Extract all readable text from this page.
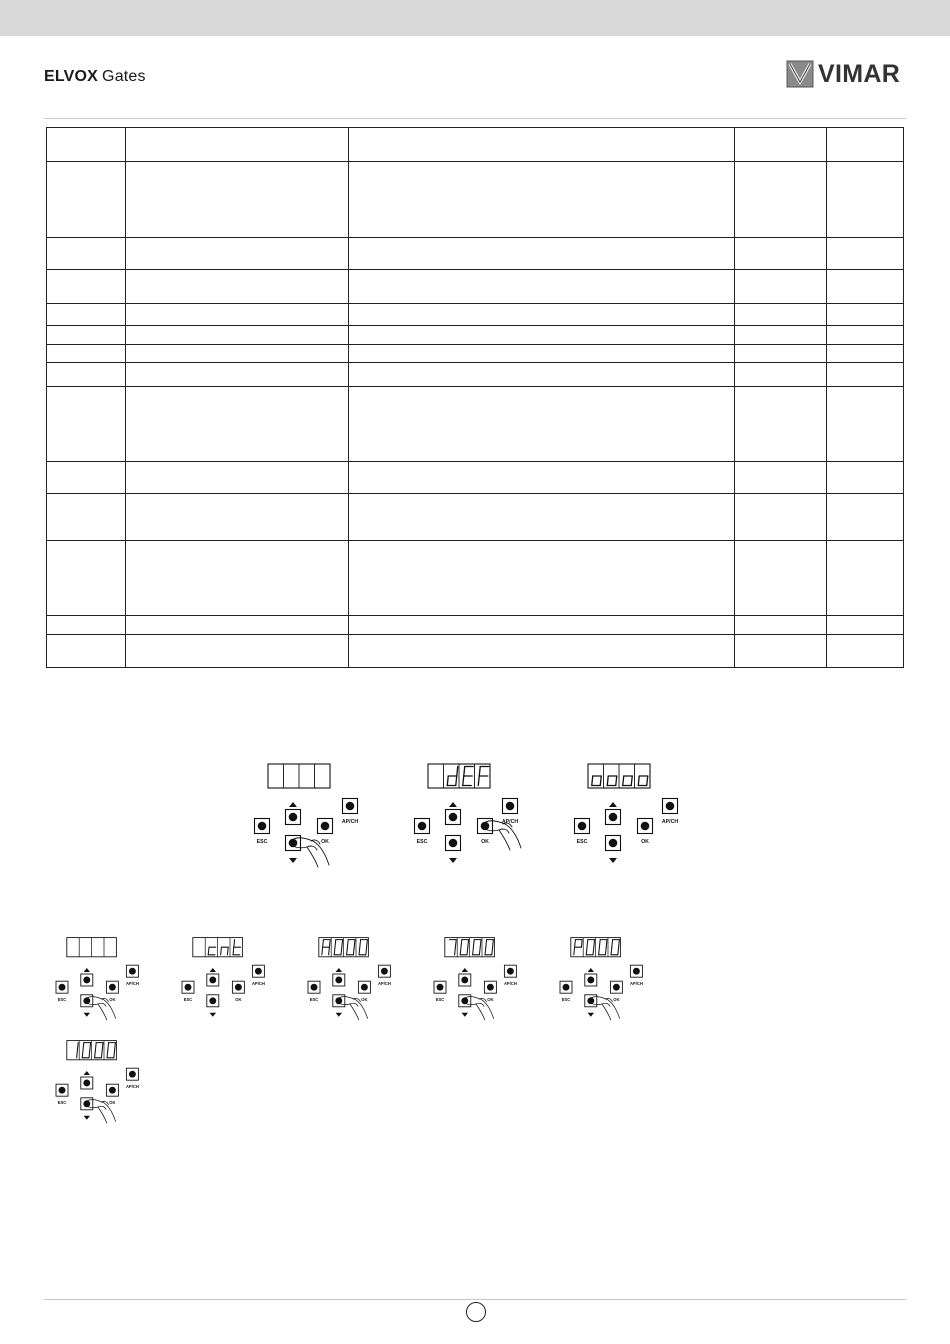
ELVOX Gates	VIMAR

ESC	OK
AP/CH
ESC	OK
AP/CH
ESC	OK
AP/CH
ESC	OK
AP/CH
ESC	OK
AP/CH
ESC	OK
AP/CH
ESC	OK
AP/CH
ESC	OK
AP/CH
ESC	OK
AP/CH
